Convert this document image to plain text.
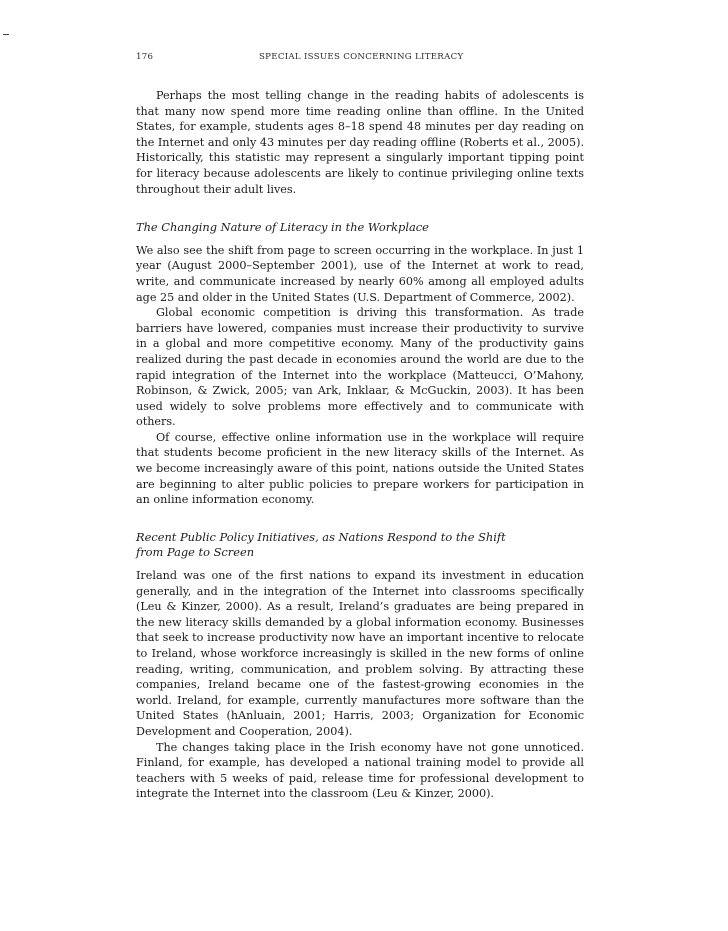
176	SPECIAL ISSUES CONCERNING LITERACY

Perhaps the most telling change in the reading habits of adolescents is that many now spend more time reading online than offline. In the United States, for example, students ages 8–18 spend 48 minutes per day reading on the Internet and only 43 minutes per day reading offline (Roberts et al., 2005). Historically, this statistic may represent a singularly important tipping point for literacy because adolescents are likely to continue privileging online texts throughout their adult lives.

The Changing Nature of Literacy in the Workplace

We also see the shift from page to screen occurring in the workplace. In just 1 year (August 2000–September 2001), use of the Internet at work to read, write, and communicate increased by nearly 60% among all employed adults age 25 and older in the United States (U.S. Department of Commerce, 2002).

Global economic competition is driving this transformation. As trade barriers have lowered, companies must increase their productivity to survive in a global and more competitive economy. Many of the productivity gains realized during the past decade in economies around the world are due to the rapid integration of the Internet into the workplace (Matteucci, O’Mahony, Robinson, & Zwick, 2005; van Ark, Inklaar, & McGuckin, 2003). It has been used widely to solve problems more effectively and to communicate with others.

Of course, effective online information use in the workplace will require that students become proficient in the new literacy skills of the Internet. As we become increasingly aware of this point, nations outside the United States are beginning to alter public policies to prepare workers for participation in an online information economy.

Recent Public Policy Initiatives, as Nations Respond to the Shift
from Page to Screen

Ireland was one of the first nations to expand its investment in education generally, and in the integration of the Internet into classrooms specifically (Leu & Kinzer, 2000). As a result, Ireland’s graduates are being prepared in the new literacy skills demanded by a global information economy. Businesses that seek to increase productivity now have an important incentive to relocate to Ireland, whose workforce increasingly is skilled in the new forms of online reading, writing, communication, and problem solving. By attracting these companies, Ireland became one of the fastest-growing economies in the world. Ireland, for example, currently manufactures more software than the United States (hAnluain, 2001; Harris, 2003; Organization for Economic Development and Cooperation, 2004).

The changes taking place in the Irish economy have not gone unnoticed. Finland, for example, has developed a national training model to provide all teachers with 5 weeks of paid, release time for professional development to integrate the Internet into the classroom (Leu & Kinzer, 2000).
